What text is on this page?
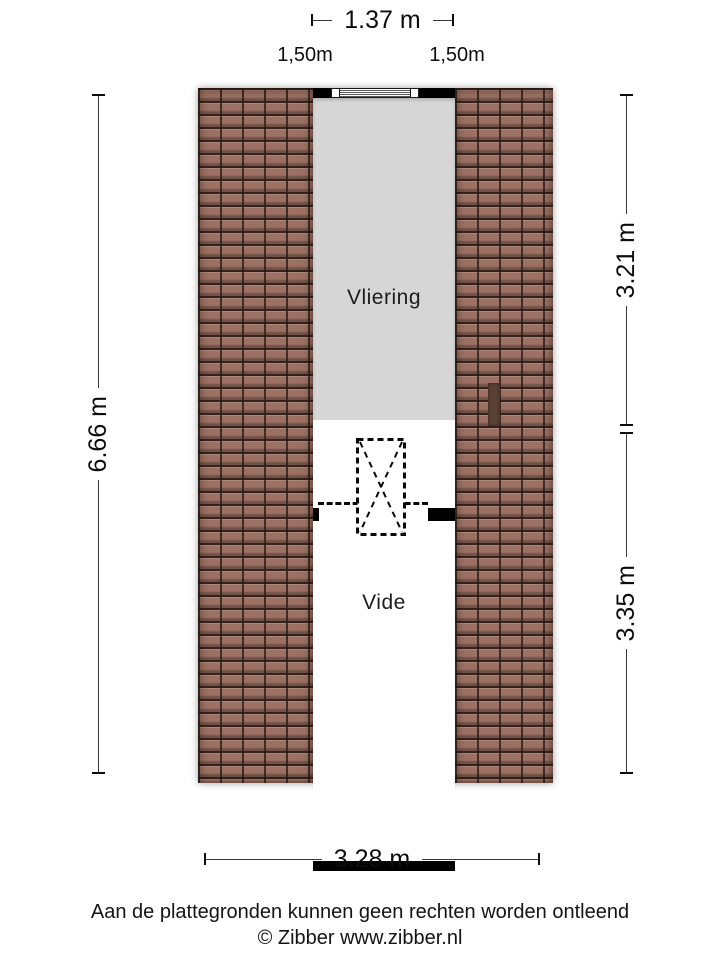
1.37 m
1,50m	1,50m
Vliering
Vide
6.66 m
3.21 m
3.35 m
3.28 m
Aan de plattegronden kunnen geen rechten worden ontleend
© Zibber www.zibber.nl
